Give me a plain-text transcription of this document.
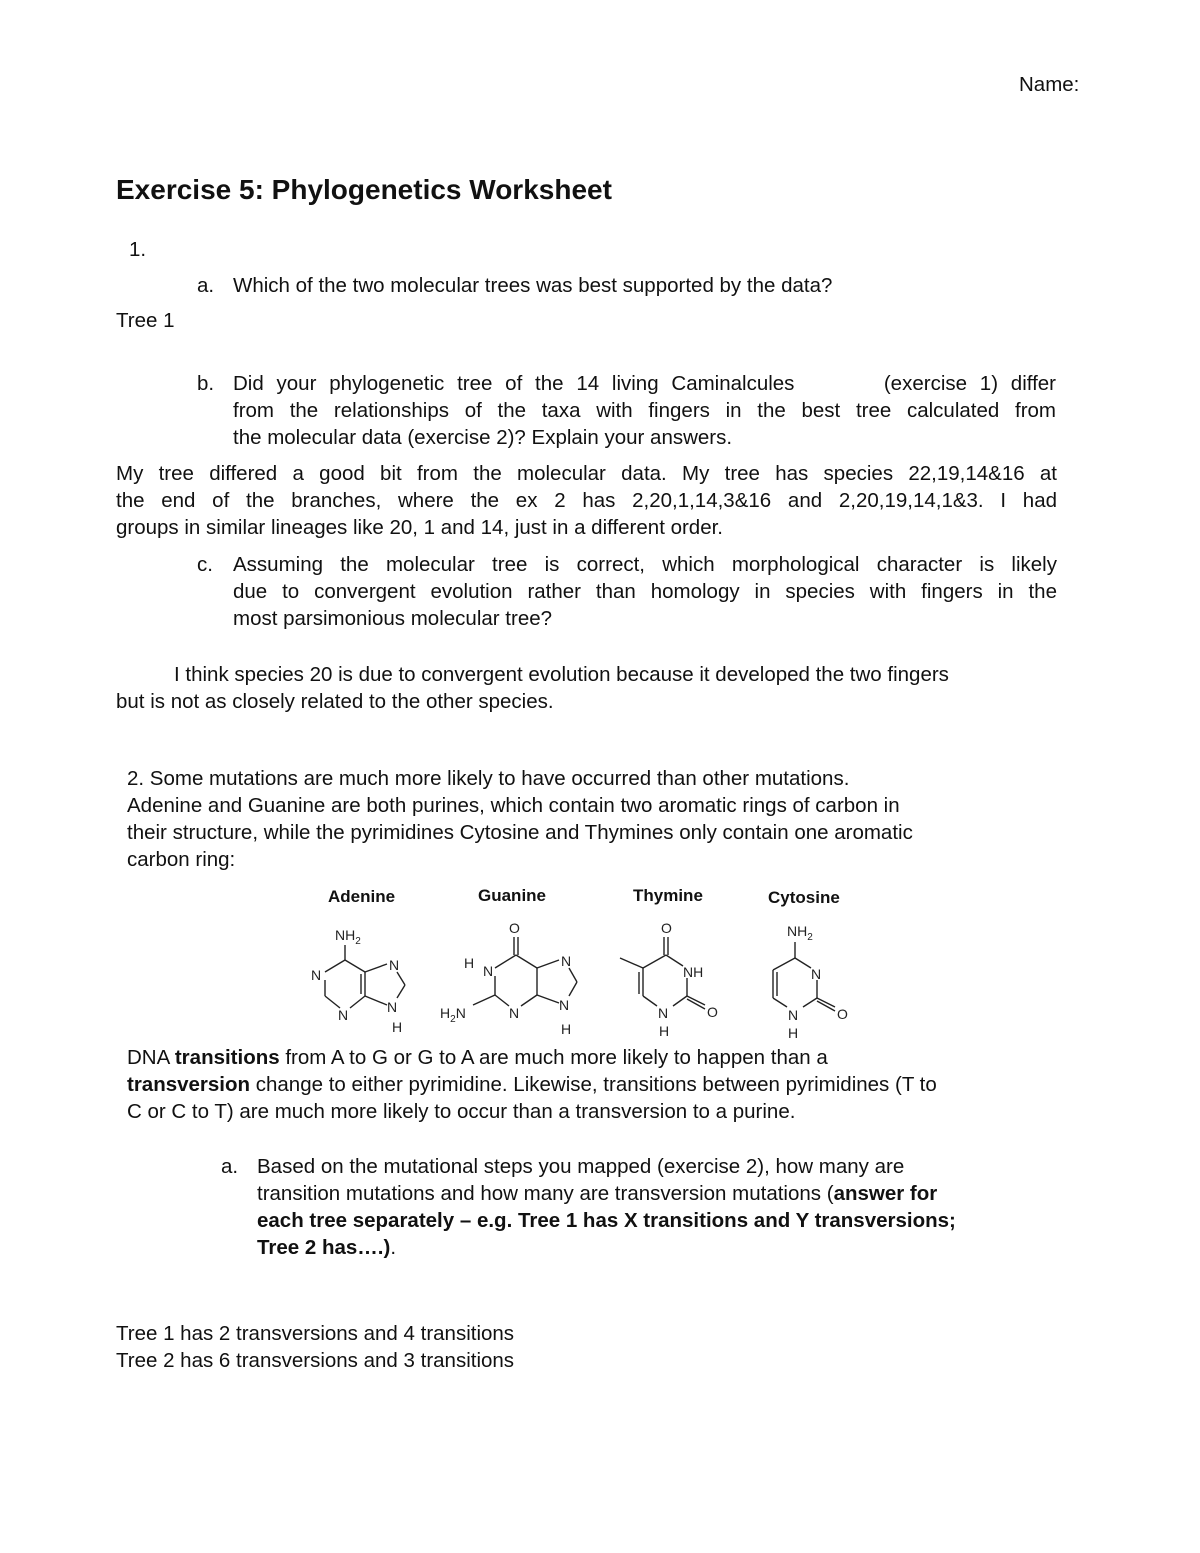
Name:
Exercise 5: Phylogenetics Worksheet
1.
a. Which of the two molecular trees was best supported by the data?
Tree 1
b. Did your phylogenetic tree of the 14 living Caminalcules       (exercise 1) differ
from the relationships of the taxa with fingers in the best tree calculated from
the molecular data (exercise 2)? Explain your answers.
My tree differed a good bit from the molecular data. My tree has species 22,19,14&16 at
the end of the branches, where the ex 2 has 2,20,1,14,3&16 and 2,20,19,14,1&3. I had
groups in similar lineages like 20, 1 and 14, just in a different order.
c. Assuming the molecular tree is correct, which morphological character is likely
due to convergent evolution rather than homology in species with fingers in the
most parsimonious molecular tree?
I think species 20 is due to convergent evolution because it developed the two fingers
but is not as closely related to the other species.
2. Some mutations are much more likely to have occurred than other mutations.
Adenine and Guanine are both purines, which contain two aromatic rings of carbon in
their structure, while the pyrimidines Cytosine and Thymines only contain one aromatic
carbon ring:
Adenine
$NH_2$
N
N
N	N
H
Guanine
O
H N
N
N	N
H
$H_2N$
Thymine
O
NH
N	O
H
Cytosine
$NH_2$
N
N	O
H
DNA transitions from A to G or G to A are much more likely to happen than a
transversion change to either pyrimidine. Likewise, transitions between pyrimidines (T to
C or C to T) are much more likely to occur than a transversion to a purine.
a. Based on the mutational steps you mapped (exercise 2), how many are
transition mutations and how many are transversion mutations (answer for
each tree separately – e.g. Tree 1 has X transitions and Y transversions;
Tree 2 has….).
Tree 1 has 2 transversions and 4 transitions
Tree 2 has 6 transversions and 3 transitions
